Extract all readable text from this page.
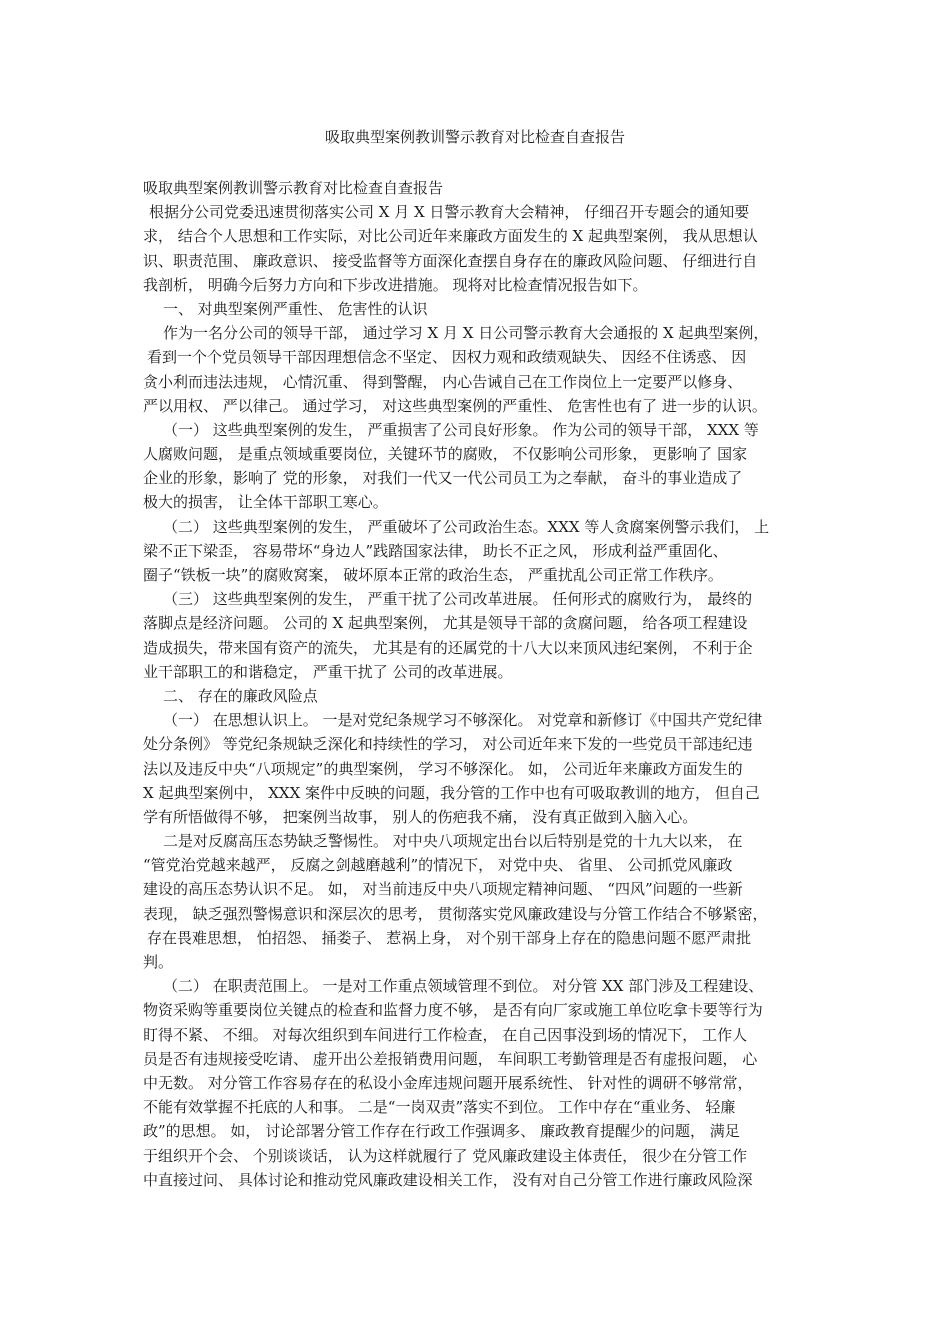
吸取典型案例教训警示教育对比检查自查报告
吸取典型案例教训警示教育对比检查自查报告
根据分公司党委迅速贯彻落实公司 X 月 X 日警示教育大会精神， 仔细召开专题会的通知要
求， 结合个人思想和工作实际，对比公司近年来廉政方面发生的 X 起典型案例， 我从思想认
识、职责范围、 廉政意识、 接受监督等方面深化查摆自身存在的廉政风险问题、 仔细进行自
我剖析， 明确今后努力方向和下步改进措施。 现将对比检查情况报告如下。
一、 对典型案例严重性、 危害性的认识
作为一名分公司的领导干部， 通过学习 X 月 X 日公司警示教育大会通报的 X 起典型案例，
看到一个个党员领导干部因理想信念不坚定、 因权力观和政绩观缺失、 因经不住诱惑、 因
贪小利而违法违规， 心情沉重、 得到警醒， 内心告诫自己在工作岗位上一定要严以修身、
严以用权、 严以律己。 通过学习， 对这些典型案例的严重性、 危害性也有了 进一步的认识。
（一） 这些典型案例的发生， 严重损害了公司良好形象。 作为公司的领导干部， XXX 等
人腐败问题， 是重点领域重要岗位，关键环节的腐败， 不仅影响公司形象， 更影响了 国家
企业的形象，影响了 党的形象， 对我们一代又一代公司员工为之奉献， 奋斗的事业造成了
极大的损害， 让全体干部职工寒心。
（二） 这些典型案例的发生， 严重破坏了公司政治生态。XXX 等人贪腐案例警示我们， 上
梁不正下梁歪， 容易带坏“身边人”践踏国家法律， 助长不正之风， 形成利益严重固化、
圈子“铁板一块”的腐败窝案， 破坏原本正常的政治生态， 严重扰乱公司正常工作秩序。
（三） 这些典型案例的发生， 严重干扰了公司改革进展。 任何形式的腐败行为， 最终的
落脚点是经济问题。 公司的 X 起典型案例， 尤其是领导干部的贪腐问题， 给各项工程建设
造成损失，带来国有资产的流失， 尤其是有的还属党的十八大以来顶风违纪案例， 不利于企
业干部职工的和谐稳定， 严重干扰了 公司的改革进展。
二、 存在的廉政风险点
（一） 在思想认识上。 一是对党纪条规学习不够深化。 对党章和新修订《中国共产党纪律
处分条例》 等党纪条规缺乏深化和持续性的学习， 对公司近年来下发的一些党员干部违纪违
法以及违反中央“八项规定”的典型案例， 学习不够深化。 如， 公司近年来廉政方面发生的
X 起典型案例中， XXX 案件中反映的问题，我分管的工作中也有可吸取教训的地方， 但自己
学有所悟做得不够， 把案例当故事， 别人的伤疤我不痛， 没有真正做到入脑入心。
二是对反腐高压态势缺乏警惕性。 对中央八项规定出台以后特别是党的十九大以来， 在
“管党治党越来越严， 反腐之剑越磨越利”的情况下， 对党中央、 省里、 公司抓党风廉政
建设的高压态势认识不足。 如， 对当前违反中央八项规定精神问题、 “四风”问题的一些新
表现， 缺乏强烈警惕意识和深层次的思考， 贯彻落实党风廉政建设与分管工作结合不够紧密，
存在畏难思想， 怕招怨、 捅娄子、 惹祸上身， 对个别干部身上存在的隐患问题不愿严肃批
判。
（二） 在职责范围上。 一是对工作重点领域管理不到位。 对分管 XX 部门涉及工程建设、
物资采购等重要岗位关键点的检查和监督力度不够， 是否有向厂家或施工单位吃拿卡要等行为
盯得不紧、 不细。 对每次组织到车间进行工作检查， 在自己因事没到场的情况下， 工作人
员是否有违规接受吃请、 虚开出公差报销费用问题， 车间职工考勤管理是否有虚报问题， 心
中无数。 对分管工作容易存在的私设小金库违规问题开展系统性、 针对性的调研不够常常，
不能有效掌握不托底的人和事。 二是“一岗双责”落实不到位。 工作中存在“重业务、 轻廉
政”的思想。 如， 讨论部署分管工作存在行政工作强调多、 廉政教育提醒少的问题， 满足
于组织开个会、 个别谈谈话， 认为这样就履行了 党风廉政建设主体责任， 很少在分管工作
中直接过问、 具体讨论和推动党风廉政建设相关工作， 没有对自己分管工作进行廉政风险深
